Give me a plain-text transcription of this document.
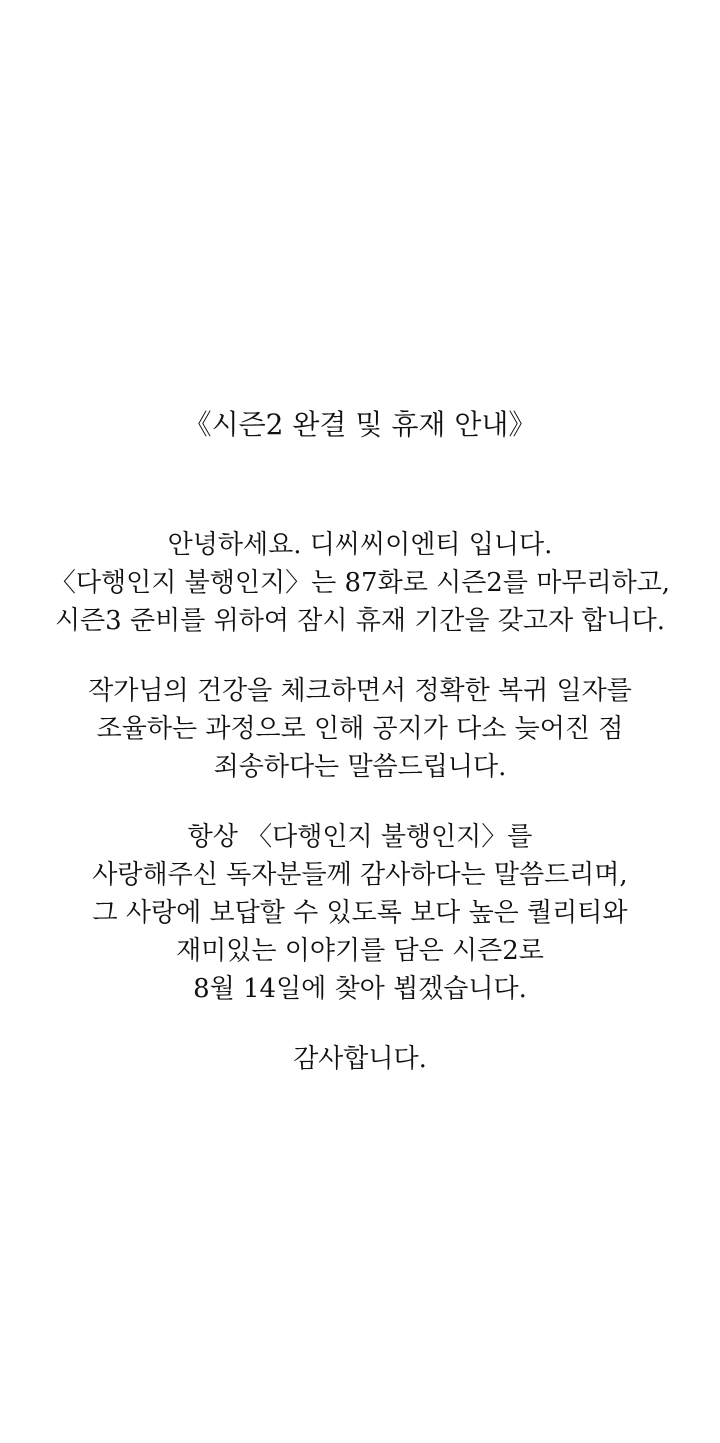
《시즌2 완결 및 휴재 안내》
안녕하세요. 디씨씨이엔티 입니다.
〈다행인지 불행인지〉는 87화로 시즌2를 마무리하고,
시즌3 준비를 위하여 잠시 휴재 기간을 갖고자 합니다.
작가님의 건강을 체크하면서 정확한 복귀 일자를
조율하는 과정으로 인해 공지가 다소 늦어진 점
죄송하다는 말씀드립니다.
항상 〈다행인지 불행인지〉를
사랑해주신 독자분들께 감사하다는 말씀드리며,
그 사랑에 보답할 수 있도록 보다 높은 퀄리티와
재미있는 이야기를 담은 시즌2로
8월 14일에 찾아 뵙겠습니다.
감사합니다.
